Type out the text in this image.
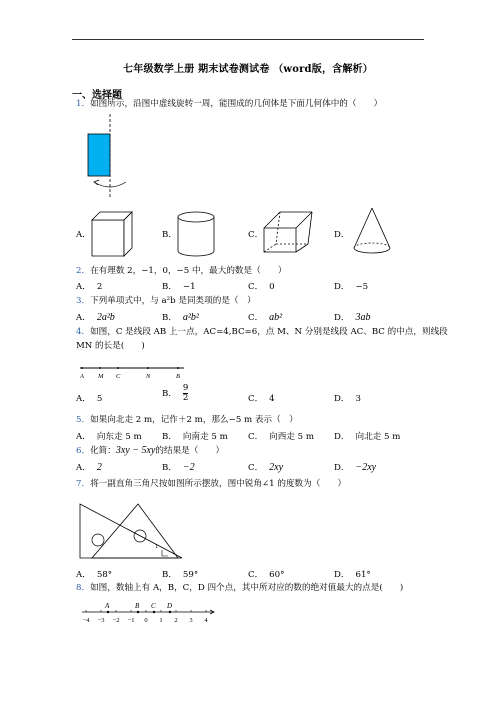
七年级数学上册 期末试卷测试卷 （word版，含解析）
一、选择题
1．如图所示，沿图中虚线旋转一周，能围成的几何体是下面几何体中的（　　）
A．	B．	C．	D．
2．在有理数 2，−1，0，−5 中，最大的数是（　　）
A． 2	B． −1	C． 0	D． −5
3．下列单项式中，与 a²b 是同类项的是（　）
A． 2a²b	B． a²b²	C． ab²	D． 3ab
4．如图，C 是线段 AB 上一点，AC=4,BC=6，点 M、N 分别是线段 AC、BC 的中点，则线段
MN 的长是(　　)
A M C	N	B
A． 5	B． $\frac{9}{2}$	C． 4	D． 3
5．如果向北走 2 m，记作＋2 m，那么−5 m 表示（　）
A． 向东走 5 m B． 向南走 5 m C． 向西走 5 m D． 向北走 5 m
6．化简：3xy − 5xy的结果是（　　）
A． 2	B． −2	C． 2xy	D． −2xy
7．将一副直角三角尺按如图所示摆放，图中锐角∠1 的度数为（　　）
1
A． 58°	B． 59°	C． 60°	D． 61°
8．如图，数轴上有 A，B，C，D 四个点，其中所对应的数的绝对值最大的点是(　　)
A	B C D
−4 −3 −2 −1 0 1 2 3 4
